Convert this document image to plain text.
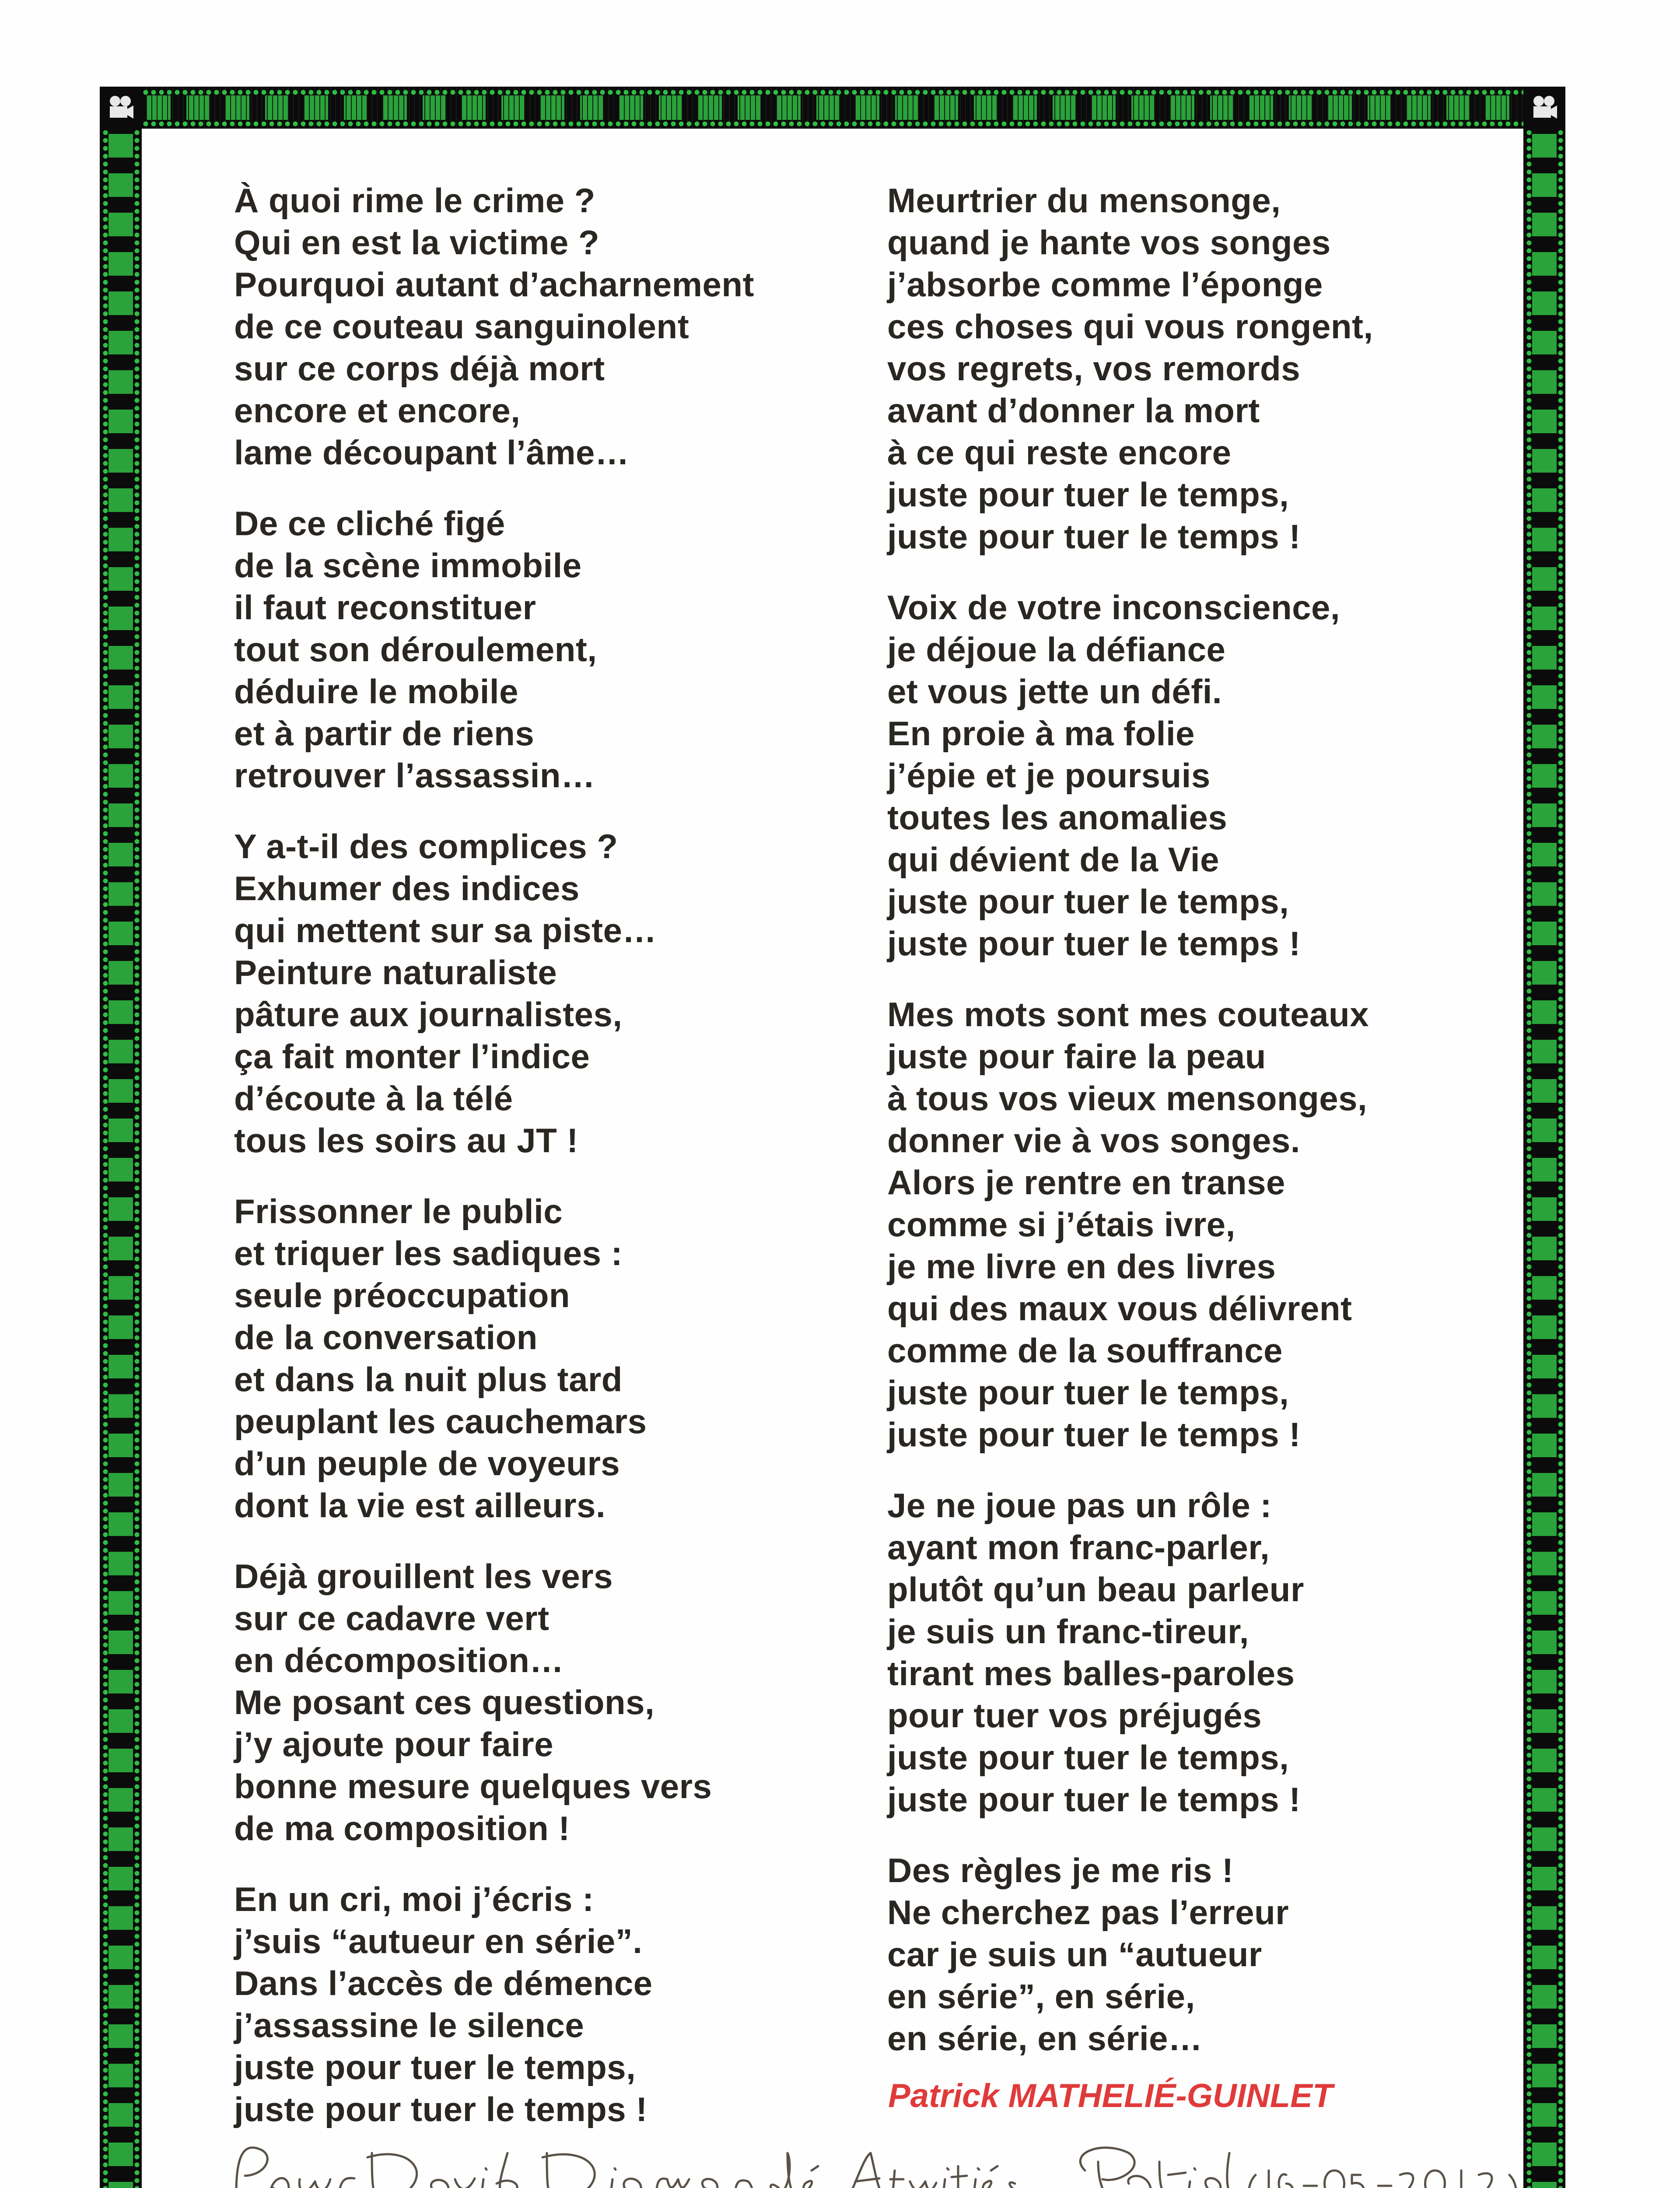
À quoi rime le crime ?
Qui en est la victime ?
Pourquoi autant d’acharnement
de ce couteau sanguinolent
sur ce corps déjà mort
encore et encore,
lame découpant l’âme…
De ce cliché figé
de la scène immobile
il faut reconstituer
tout son déroulement,
déduire le mobile
et à partir de riens
retrouver l’assassin…
Y a-t-il des complices ?
Exhumer des indices
qui mettent sur sa piste…
Peinture naturaliste
pâture aux journalistes,
ça fait monter l’indice
d’écoute à la télé
tous les soirs au JT !
Frissonner le public
et triquer les sadiques :
seule préoccupation
de la conversation
et dans la nuit plus tard
peuplant les cauchemars
d’un peuple de voyeurs
dont la vie est ailleurs.
Déjà grouillent les vers
sur ce cadavre vert
en décomposition…
Me posant ces questions,
j’y ajoute pour faire
bonne mesure quelques vers
de ma composition !
En un cri, moi j’écris :
j’suis “autueur en série”.
Dans l’accès de démence
j’assassine le silence
juste pour tuer le temps,
juste pour tuer le temps !
Meurtrier du mensonge,
quand je hante vos songes
j’absorbe comme l’éponge
ces choses qui vous rongent,
vos regrets, vos remords
avant d’donner la mort
à ce qui reste encore
juste pour tuer le temps,
juste pour tuer le temps !
Voix de votre inconscience,
je déjoue la défiance
et vous jette un défi.
En proie à ma folie
j’épie et je poursuis
toutes les anomalies
qui dévient de la Vie
juste pour tuer le temps,
juste pour tuer le temps !
Mes mots sont mes couteaux
juste pour faire la peau
à tous vos vieux mensonges,
donner vie à vos songes.
Alors je rentre en transe
comme si j’étais ivre,
je me livre en des livres
qui des maux vous délivrent
comme de la souffrance
juste pour tuer le temps,
juste pour tuer le temps !
Je ne joue pas un rôle :
ayant mon franc-parler,
plutôt qu’un beau parleur
je suis un franc-tireur,
tirant mes balles-paroles
pour tuer vos préjugés
juste pour tuer le temps,
juste pour tuer le temps !
Des règles je me ris !
Ne cherchez pas l’erreur
car je suis un “autueur
en série”, en série,
en série, en série…
Patrick MATHELIÉ-GUINLET
